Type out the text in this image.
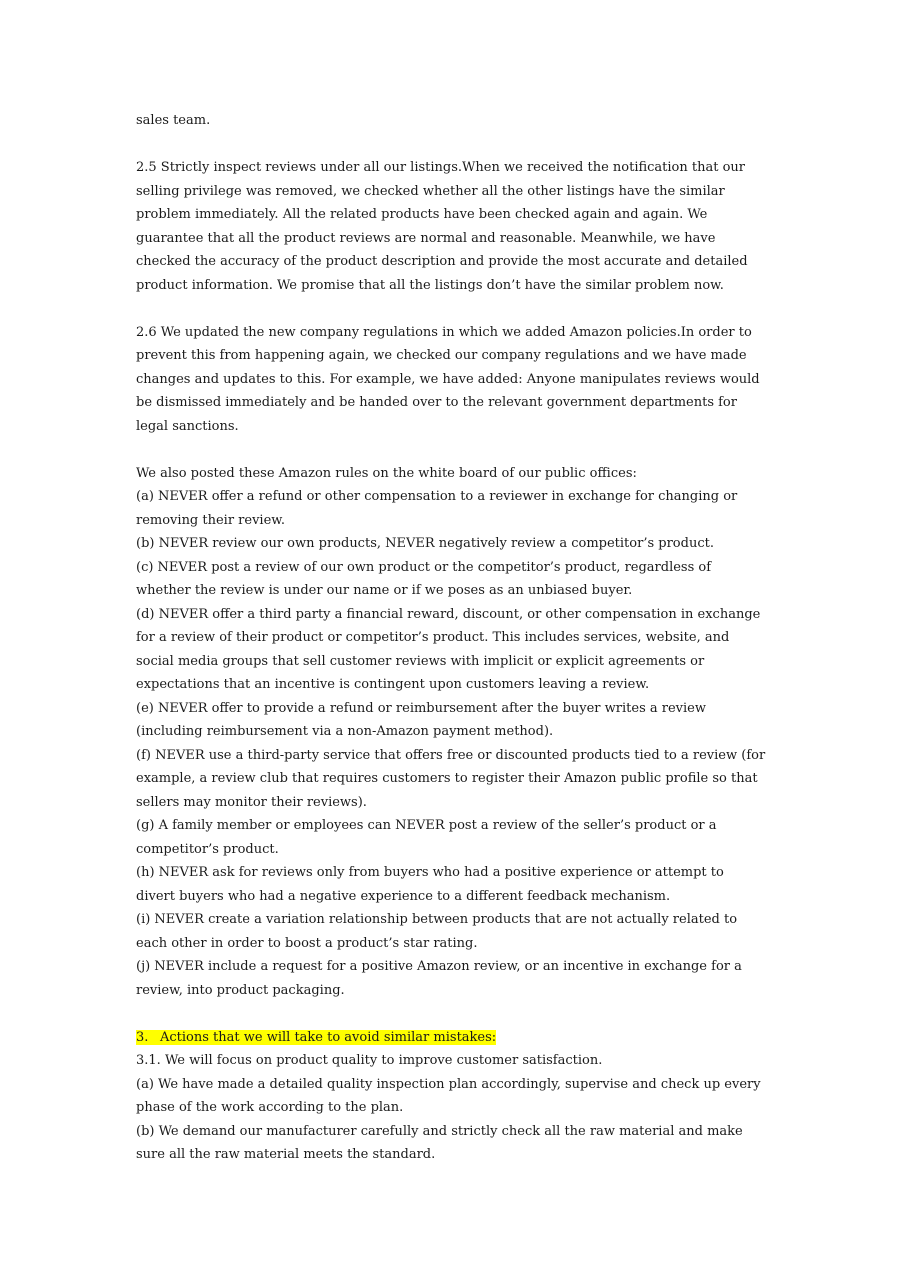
sales team.

2.5 Strictly inspect reviews under all our listings.When we received the notification that our selling privilege was removed, we checked whether all the other listings have the similar problem immediately. All the related products have been checked again and again. We guarantee that all the product reviews are normal and reasonable. Meanwhile, we have checked the accuracy of the product description and provide the most accurate and detailed product information. We promise that all the listings don’t have the similar problem now.

2.6 We updated the new company regulations in which we added Amazon policies.In order to prevent this from happening again, we checked our company regulations and we have made changes and updates to this. For example, we have added: Anyone manipulates reviews would be dismissed immediately and be handed over to the relevant government departments for legal sanctions.

We also posted these Amazon rules on the white board of our public offices:

(a) NEVER offer a refund or other compensation to a reviewer in exchange for changing or removing their review.

(b) NEVER review our own products, NEVER negatively review a competitor’s product.

(c) NEVER post a review of our own product or the competitor’s product, regardless of whether the review is under our name or if we poses as an unbiased buyer.

(d) NEVER offer a third party a financial reward, discount, or other compensation in exchange for a review of their product or competitor’s product. This includes services, website, and social media groups that sell customer reviews with implicit or explicit agreements or expectations that an incentive is contingent upon customers leaving a review.

(e) NEVER offer to provide a refund or reimbursement after the buyer writes a review (including reimbursement via a non-Amazon payment method).

(f) NEVER use a third-party service that offers free or discounted products tied to a review (for example, a review club that requires customers to register their Amazon public profile so that sellers may monitor their reviews).

(g) A family member or employees can NEVER post a review of the seller’s product or a competitor’s product.

(h) NEVER ask for reviews only from buyers who had a positive experience or attempt to divert buyers who had a negative experience to a different feedback mechanism.

(i) NEVER create a variation relationship between products that are not actually related to each other in order to boost a product’s star rating.

(j) NEVER include a request for a positive Amazon review, or an incentive in exchange for a review, into product packaging.

3. Actions that we will take to avoid similar mistakes:

3.1. We will focus on product quality to improve customer satisfaction.

(a) We have made a detailed quality inspection plan accordingly, supervise and check up every phase of the work according to the plan.

(b) We demand our manufacturer carefully and strictly check all the raw material and make sure all the raw material meets the standard.
